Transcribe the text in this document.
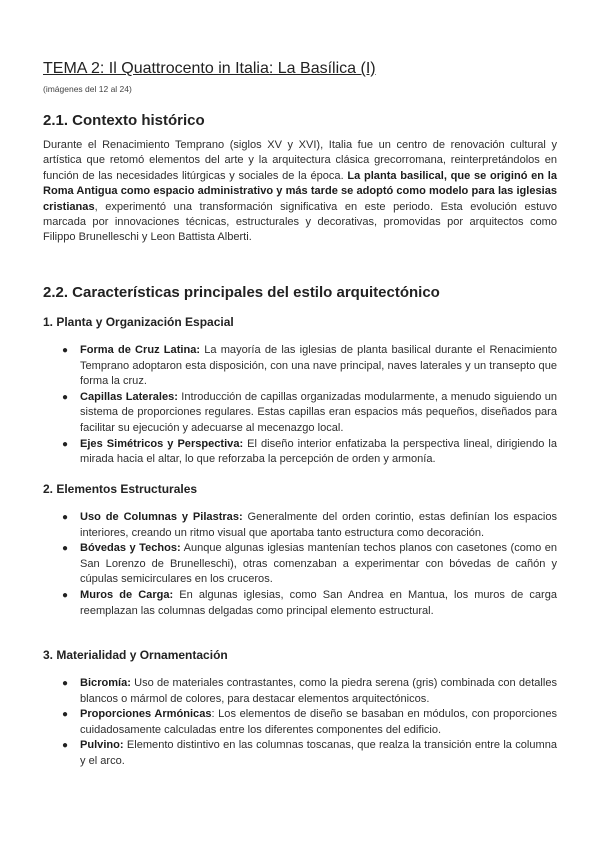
TEMA 2: Il Quattrocento in Italia: La Basílica (I)
(imágenes del 12 al 24)
2.1. Contexto histórico
Durante el Renacimiento Temprano (siglos XV y XVI), Italia fue un centro de renovación cultural y artística que retomó elementos del arte y la arquitectura clásica grecorromana, reinterpretándolos en función de las necesidades litúrgicas y sociales de la época. La planta basilical, que se originó en la Roma Antigua como espacio administrativo y más tarde se adoptó como modelo para las iglesias cristianas, experimentó una transformación significativa en este periodo. Esta evolución estuvo marcada por innovaciones técnicas, estructurales y decorativas, promovidas por arquitectos como Filippo Brunelleschi y Leon Battista Alberti.
2.2. Características principales del estilo arquitectónico
1. Planta y Organización Espacial
● Forma de Cruz Latina: La mayoría de las iglesias de planta basilical durante el Renacimiento Temprano adoptaron esta disposición, con una nave principal, naves laterales y un transepto que forma la cruz.
● Capillas Laterales: Introducción de capillas organizadas modularmente, a menudo siguiendo un sistema de proporciones regulares. Estas capillas eran espacios más pequeños, diseñados para facilitar su ejecución y adecuarse al mecenazgo local.
● Ejes Simétricos y Perspectiva: El diseño interior enfatizaba la perspectiva lineal, dirigiendo la mirada hacia el altar, lo que reforzaba la percepción de orden y armonía.
2. Elementos Estructurales
● Uso de Columnas y Pilastras: Generalmente del orden corintio, estas definían los espacios interiores, creando un ritmo visual que aportaba tanto estructura como decoración.
● Bóvedas y Techos: Aunque algunas iglesias mantenían techos planos con casetones (como en San Lorenzo de Brunelleschi), otras comenzaban a experimentar con bóvedas de cañón y cúpulas semicirculares en los cruceros.
● Muros de Carga: En algunas iglesias, como San Andrea en Mantua, los muros de carga reemplazan las columnas delgadas como principal elemento estructural.
3. Materialidad y Ornamentación
● Bicromía: Uso de materiales contrastantes, como la piedra serena (gris) combinada con detalles blancos o mármol de colores, para destacar elementos arquitectónicos.
● Proporciones Armónicas: Los elementos de diseño se basaban en módulos, con proporciones cuidadosamente calculadas entre los diferentes componentes del edificio.
● Pulvino: Elemento distintivo en las columnas toscanas, que realza la transición entre la columna y el arco.
